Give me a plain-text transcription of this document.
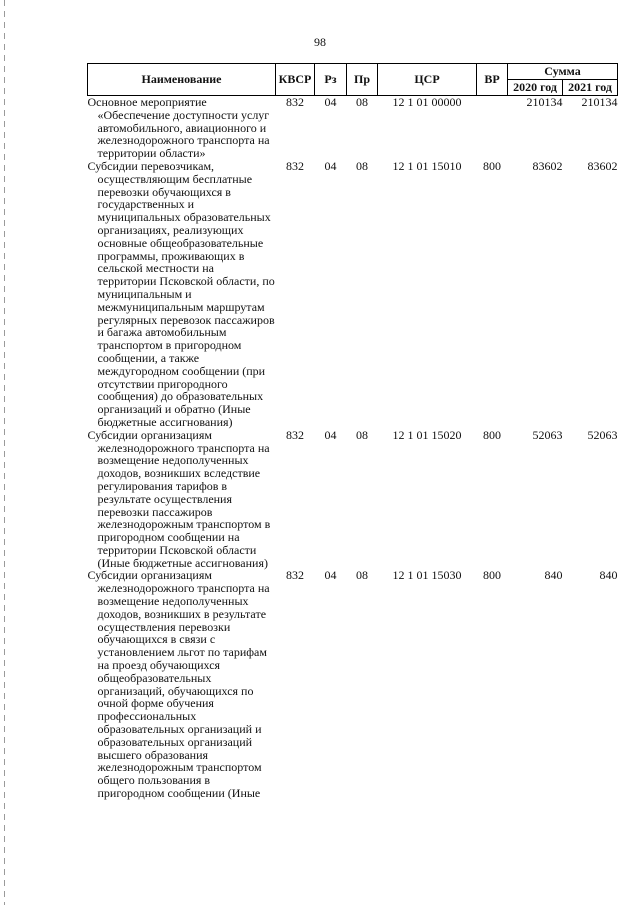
98
Наименование	КВСР	Рз	Пр	ЦСР	ВР	Сумма	
						2020 год	2021 год

Основное мероприятие «Обеспечение доступности услуг автомобильного, авиационного и железнодорожного транспорта на территории области»	832	04	08	12 1 01 00000		210134	210134

Субсидии перевозчикам, осуществляющим бесплатные перевозки обучающихся в государственных и муниципальных образовательных организациях, реализующих основные общеобразовательные программы, проживающих в сельской местности на территории Псковской области, по муниципальным и межмуниципальным маршрутам регулярных перевозок пассажиров и багажа автомобильным транспортом в пригородном сообщении, а также междугородном сообщении (при отсутствии пригородного сообщения) до образовательных организаций и обратно (Иные бюджетные ассигнования)	832	04	08	12 1 01 15010	800	83602	83602

Субсидии организациям железнодорожного транспорта на возмещение недополученных доходов, возникших вследствие регулирования тарифов в результате осуществления перевозки пассажиров железнодорожным транспортом в пригородном сообщении на территории Псковской области (Иные бюджетные ассигнования)	832	04	08	12 1 01 15020	800	52063	52063

Субсидии организациям железнодорожного транспорта на возмещение недополученных доходов, возникших в результате осуществления перевозки обучающихся в связи с установлением льгот по тарифам на проезд обучающихся общеобразовательных организаций, обучающихся по очной форме обучения профессиональных образовательных организаций и образовательных организаций высшего образования железнодорожным транспортом общего пользования в пригородном сообщении (Иные	832	04	08	12 1 01 15030	800	840	840
